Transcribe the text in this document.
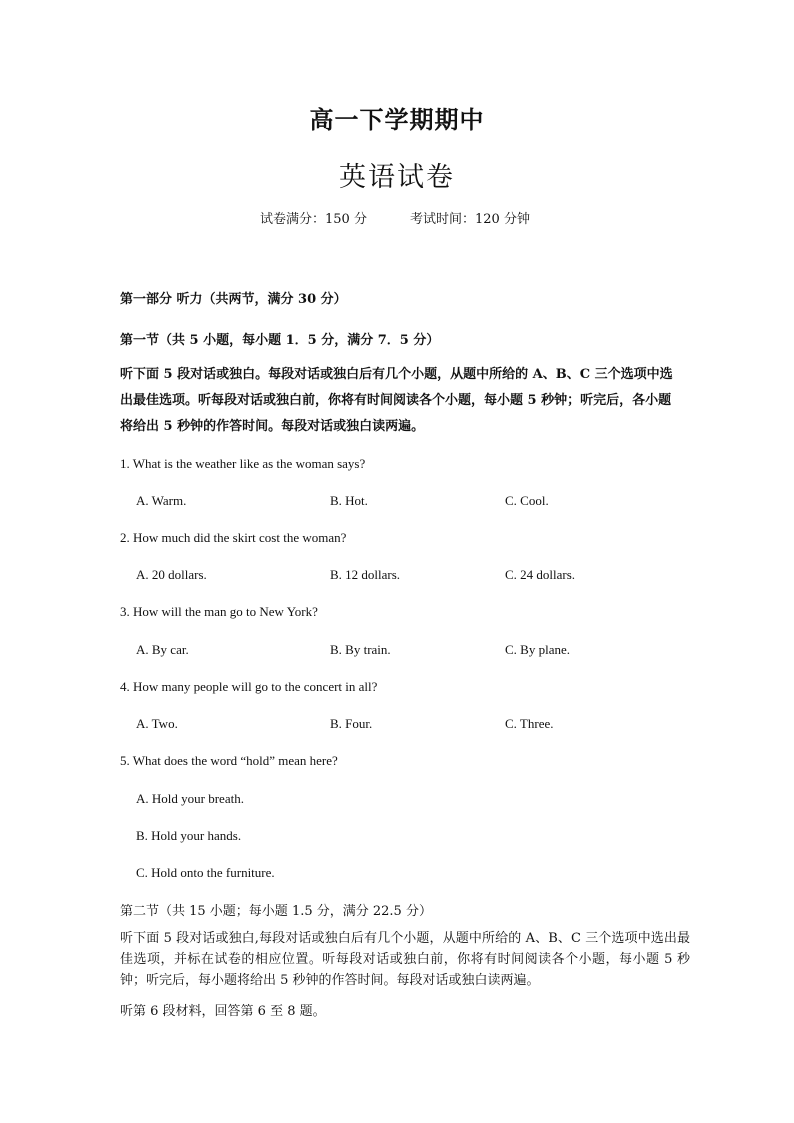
高一下学期期中
英语试卷
试卷满分：150 分	考试时间：120 分钟
第一部分 听力（共两节，满分 30 分）
第一节（共 5 小题，每小题 1．5 分，满分 7．5 分）
听下面 5 段对话或独白。每段对话或独白后有几个小题，从题中所给的 A、B、C 三个选项中选出最佳选项。听每段对话或独白前，你将有时间阅读各个小题，每小题 5 秒钟；听完后，各小题将给出 5 秒钟的作答时间。每段对话或独白读两遍。
1. What is the weather like as the woman says?
A. Warm.	B. Hot.	C. Cool.
2. How much did the skirt cost the woman?
A. 20 dollars.	B. 12 dollars.	C. 24 dollars.
3. How will the man go to New York?
A. By car.	B. By train.	C. By plane.
4. How many people will go to the concert in all?
A. Two.	B. Four.	C. Three.
5. What does the word “hold” mean here?
A. Hold your breath.
B. Hold your hands.
C. Hold onto the furniture.
第二节（共 15 小题；每小题 1.5 分，满分 22.5 分）
听下面 5 段对话或独白,每段对话或独白后有几个小题，从题中所给的 A、B、C 三个选项中选出最佳选项，并标在试卷的相应位置。听每段对话或独白前，你将有时间阅读各个小题，每小题 5 秒钟；听完后，每小题将给出 5 秒钟的作答时间。每段对话或独白读两遍。
听第 6 段材料，回答第 6 至 8 题。
